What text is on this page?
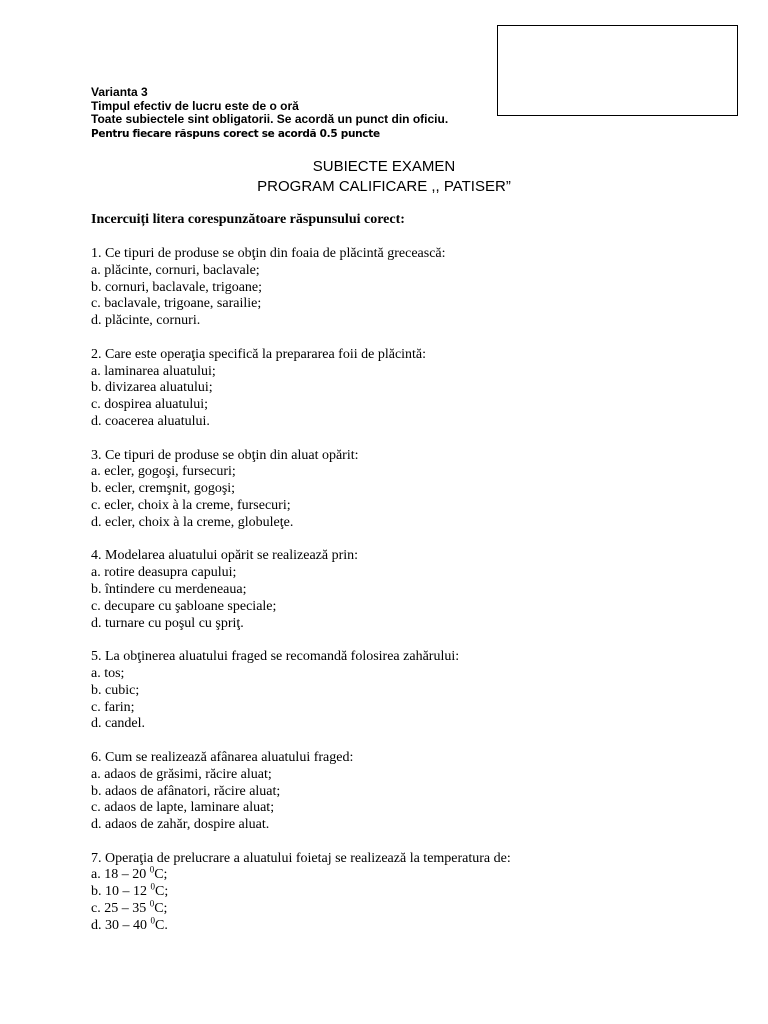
Varianta 3
Timpul efectiv de lucru este de o oră
Toate subiectele sint obligatorii. Se acordă un punct din oficiu.
Pentru fiecare răspuns corect se acordă 0.5 puncte
SUBIECTE EXAMEN
PROGRAM CALIFICARE ,, PATISER”
Incercuiți litera corespunzătoare răspunsului corect:
1. Ce tipuri de produse se obţin din foaia de plăcintă grecească:
a. plăcinte, cornuri, baclavale;
b. cornuri, baclavale, trigoane;
c. baclavale, trigoane, sarailie;
d. plăcinte, cornuri.
2. Care este operaţia specifică la prepararea foii de plăcintă:
a. laminarea aluatului;
b. divizarea aluatului;
c. dospirea aluatului;
d. coacerea aluatului.
3. Ce tipuri de produse se obţin din aluat opărit:
a. ecler, gogoşi, fursecuri;
b. ecler, cremşnit, gogoşi;
c. ecler, choix à la creme, fursecuri;
d. ecler, choix à la creme, globuleţe.
4. Modelarea aluatului opărit se realizează prin:
a. rotire deasupra capului;
b. întindere cu merdeneaua;
c. decupare cu şabloane speciale;
d. turnare cu poşul cu şpriţ.
5. La obţinerea aluatului fraged se recomandă folosirea zahărului:
a. tos;
b. cubic;
c. farin;
d. candel.
6. Cum se realizează afânarea aluatului fraged:
a. adaos de grăsimi, răcire aluat;
b. adaos de afânatori, răcire aluat;
c. adaos de lapte, laminare aluat;
d. adaos de zahăr, dospire aluat.
7. Operaţia de prelucrare a aluatului foietaj se realizează la temperatura de:
a. 18 – 20 $^0$C;
b. 10 – 12 $^0$C;
c. 25 – 35 $^0$C;
d. 30 – 40 $^0$C.
